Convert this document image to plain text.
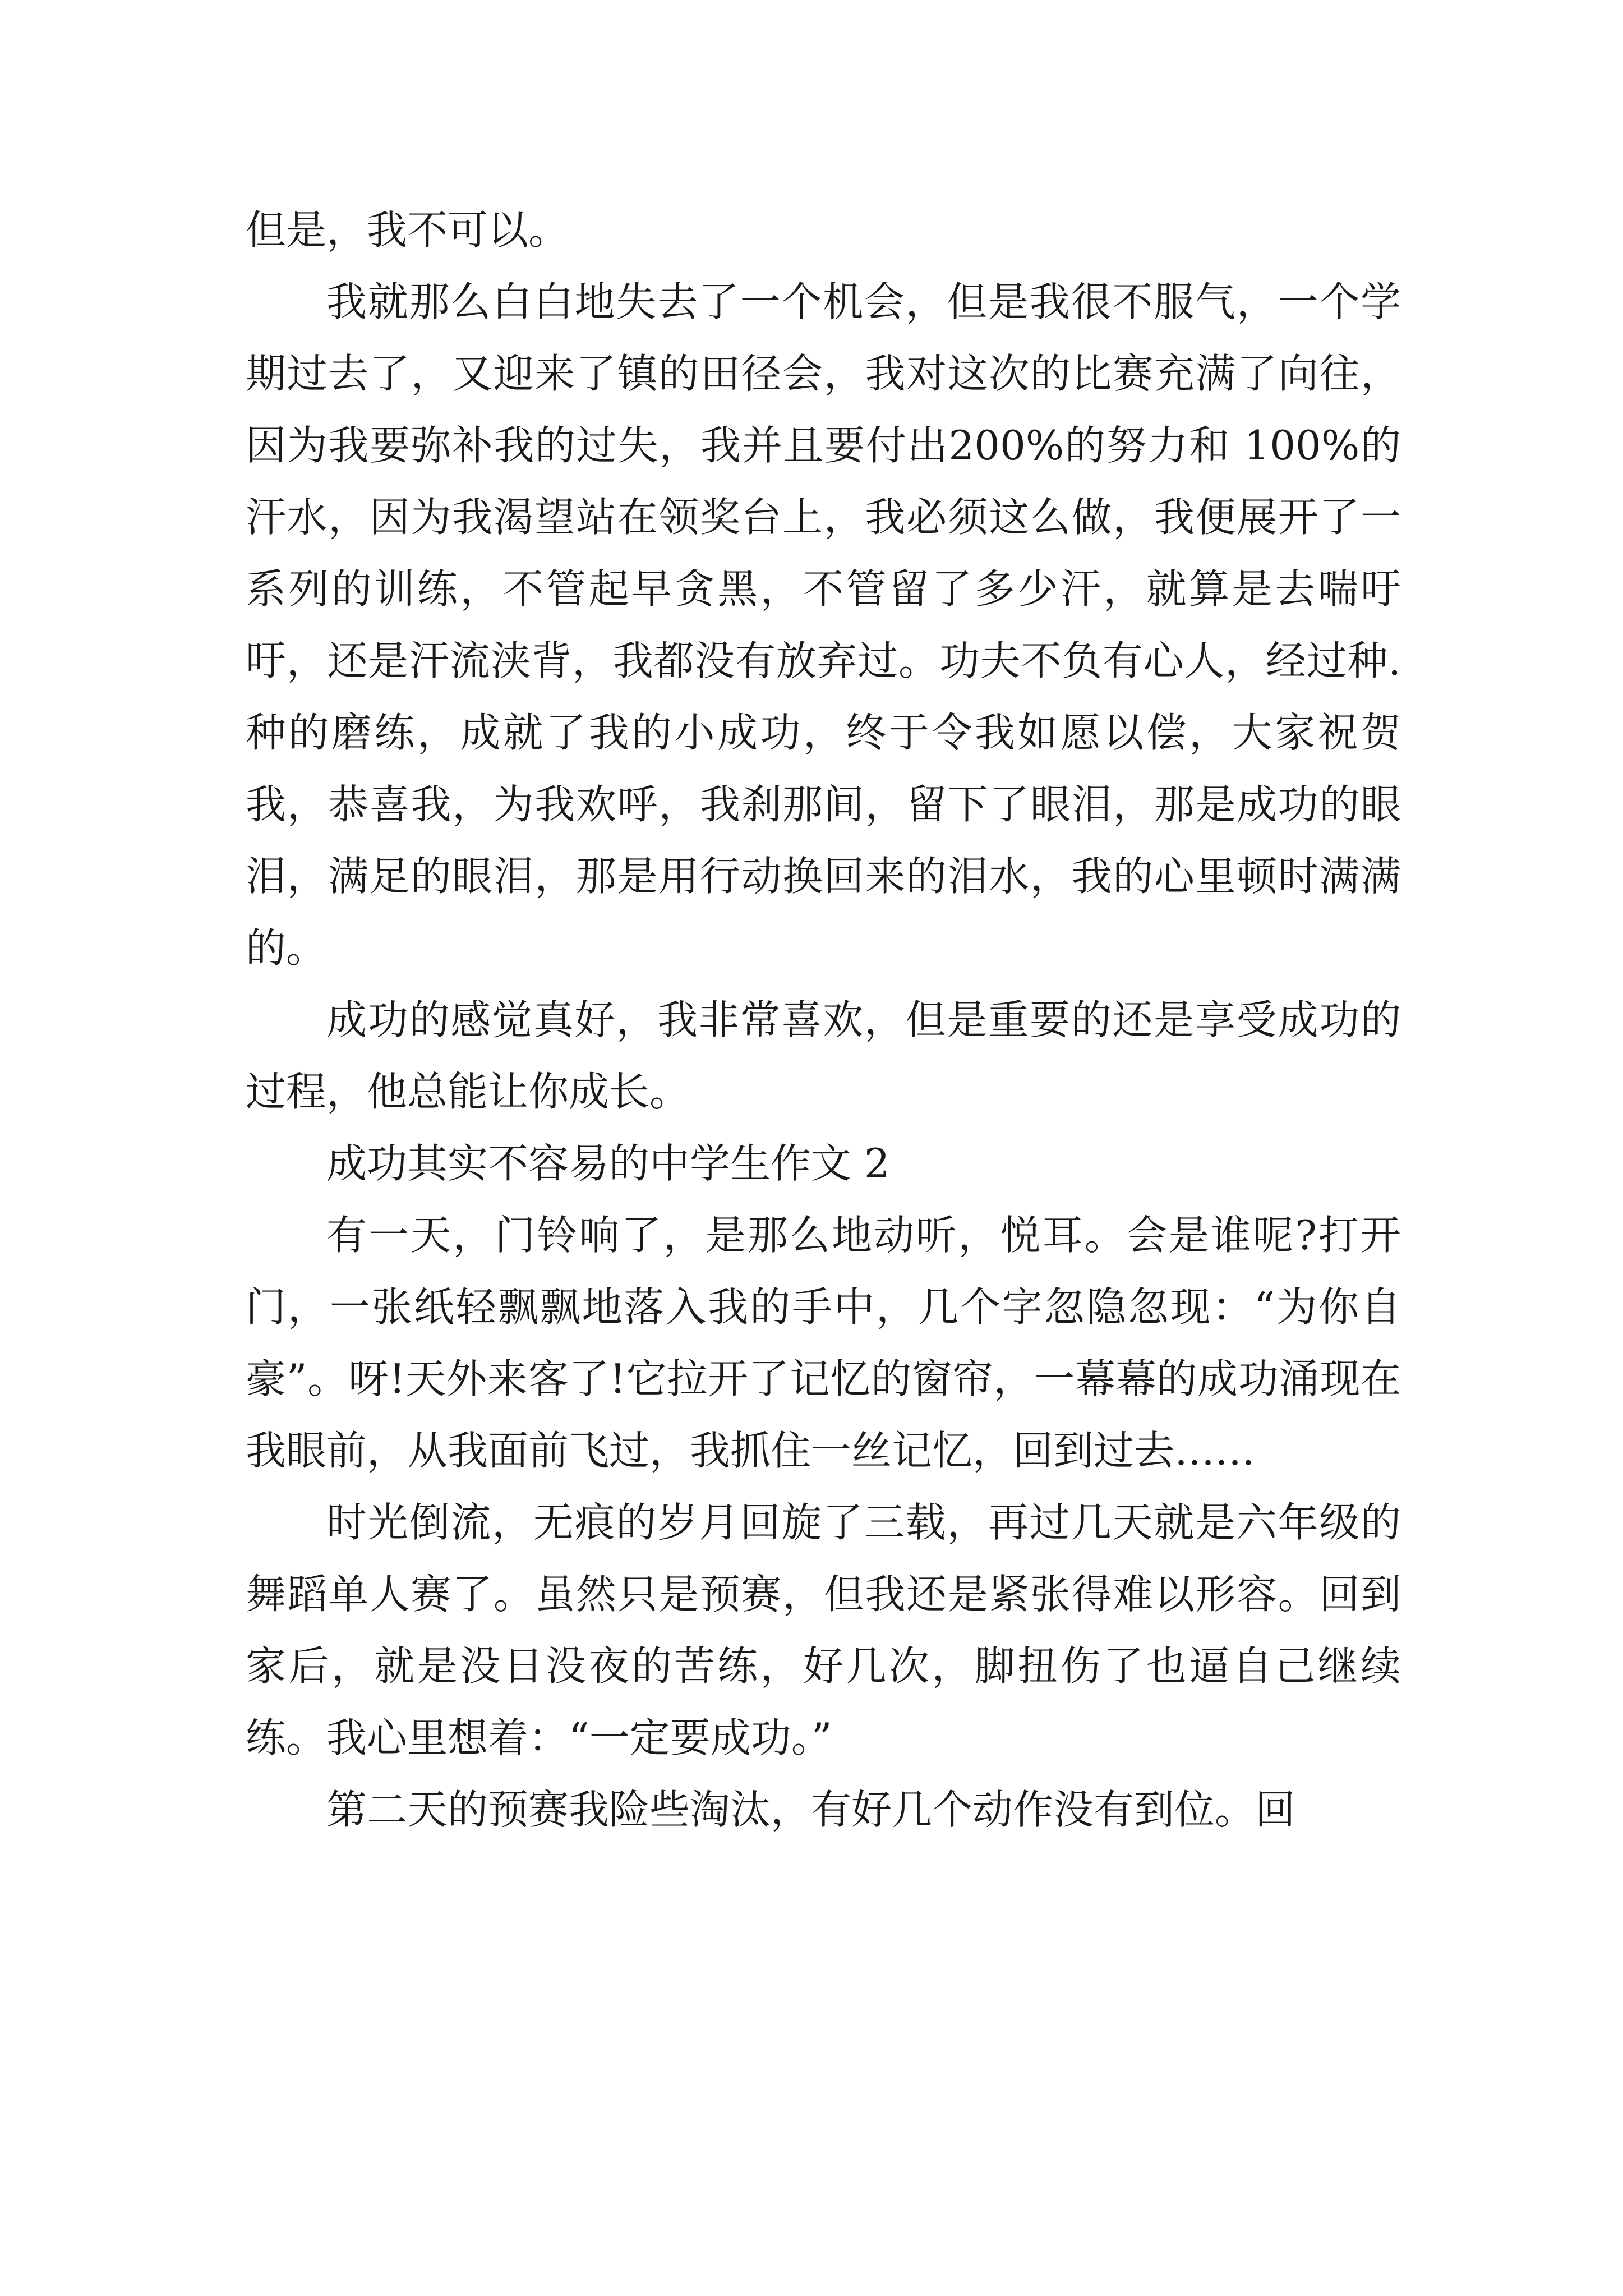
但是，我不可以。

我就那么白白地失去了一个机会，但是我很不服气，一个学期过去了，又迎来了镇的田径会，我对这次的比赛充满了向往，因为我要弥补我的过失，我并且要付出200%的努力和 100%的汗水，因为我渴望站在领奖台上，我必须这么做，我便展开了一系列的训练，不管起早贪黑，不管留了多少汗，就算是去喘吁吁，还是汗流浃背，我都没有放弃过。功夫不负有心人，经过种.种的磨练，成就了我的小成功，终于令我如愿以偿，大家祝贺我，恭喜我，为我欢呼，我刹那间，留下了眼泪，那是成功的眼泪，满足的眼泪，那是用行动换回来的泪水，我的心里顿时满满的。

成功的感觉真好，我非常喜欢，但是重要的还是享受成功的过程，他总能让你成长。

成功其实不容易的中学生作文 2

有一天，门铃响了，是那么地动听，悦耳。会是谁呢?打开门，一张纸轻飘飘地落入我的手中，几个字忽隐忽现：“为你自豪”。呀!天外来客了!它拉开了记忆的窗帘，一幕幕的成功涌现在我眼前，从我面前飞过，我抓住一丝记忆，回到过去……

时光倒流，无痕的岁月回旋了三载，再过几天就是六年级的舞蹈单人赛了。虽然只是预赛，但我还是紧张得难以形容。回到家后，就是没日没夜的苦练，好几次，脚扭伤了也逼自己继续练。我心里想着：“一定要成功。”

第二天的预赛我险些淘汰，有好几个动作没有到位。回
